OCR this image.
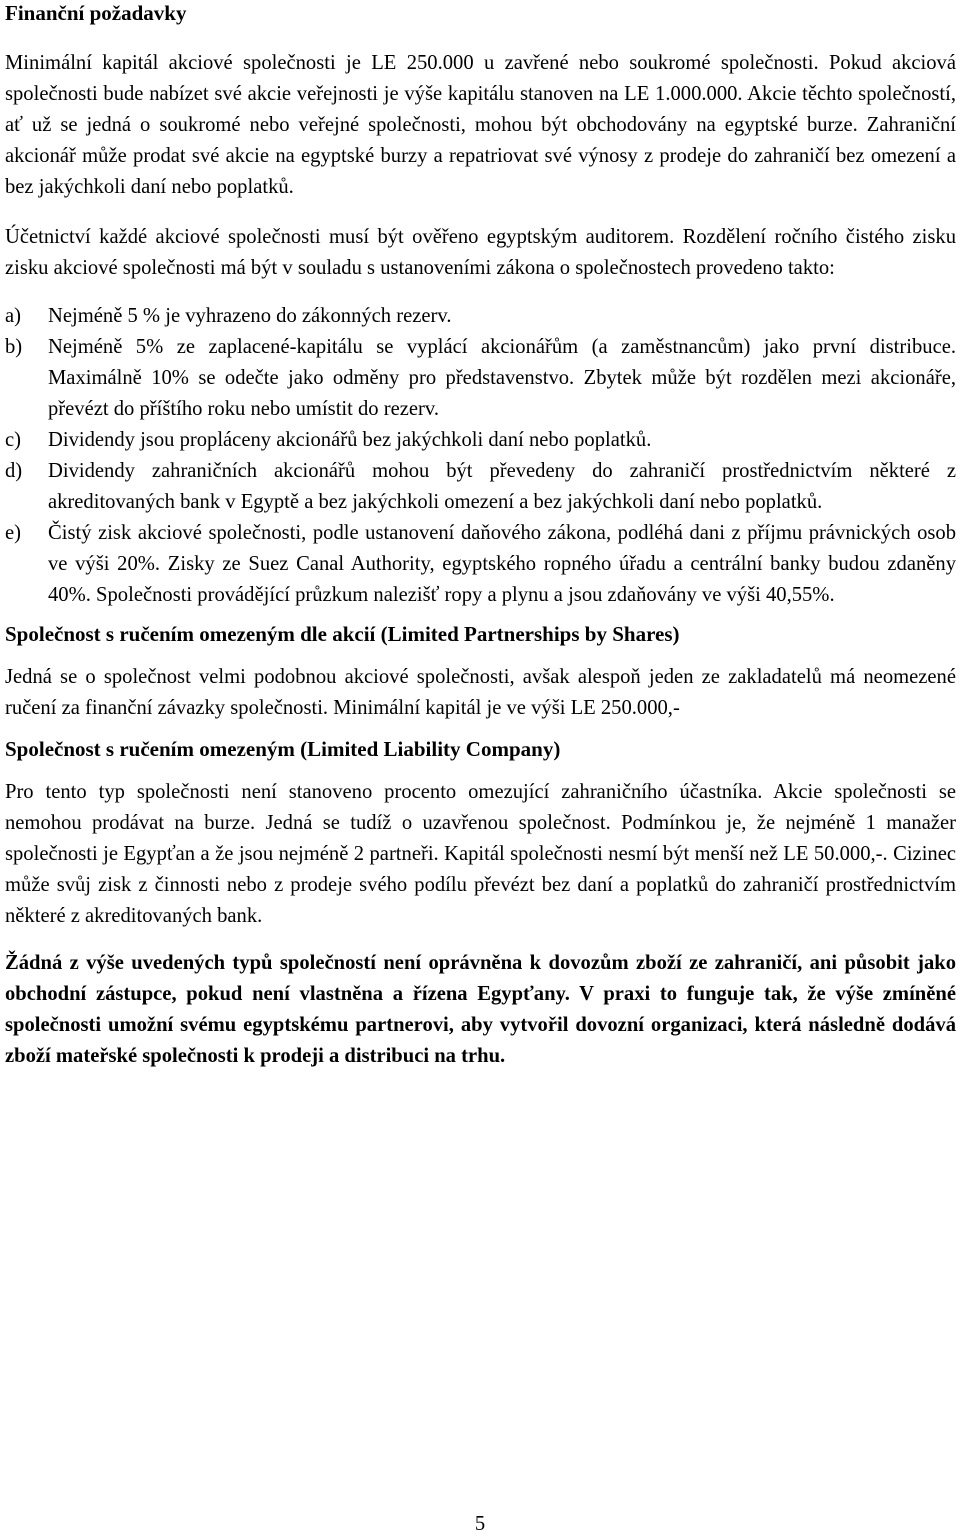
Finanční požadavky

Minimální kapitál akciové společnosti je LE 250.000 u zavřené nebo soukromé společnosti. Pokud akciová společnosti bude nabízet své akcie veřejnosti je výše kapitálu stanoven na LE 1.000.000. Akcie těchto společností, ať už se jedná o soukromé nebo veřejné společnosti, mohou být obchodovány na egyptské burze. Zahraniční akcionář může prodat své akcie na egyptské burzy a repatriovat své výnosy z prodeje do zahraničí bez omezení a bez jakýchkoli daní nebo poplatků.

Účetnictví každé akciové společnosti musí být ověřeno egyptským auditorem. Rozdělení ročního čistého zisku zisku akciové společnosti má být v souladu s ustanoveními zákona o společnostech provedeno takto:

a)	Nejméně 5 % je vyhrazeno do zákonných rezerv.
b)	Nejméně 5% ze zaplacené-kapitálu se vyplácí akcionářům (a zaměstnancům) jako první distribuce. Maximálně 10% se odečte jako odměny pro představenstvo. Zbytek může být rozdělen mezi akcionáře, převézt do příštího roku nebo umístit do rezerv.
c)	Dividendy jsou propláceny akcionářů bez jakýchkoli daní nebo poplatků.
d)	Dividendy zahraničních akcionářů mohou být převedeny do zahraničí prostřednictvím některé z akreditovaných bank v Egyptě a bez jakýchkoli omezení a bez jakýchkoli daní nebo poplatků.
e)	Čistý zisk akciové společnosti, podle ustanovení daňového zákona, podléhá dani z příjmu právnických osob ve výši 20%. Zisky ze Suez Canal Authority, egyptského ropného úřadu a centrální banky budou zdaněny 40%. Společnosti provádějící průzkum nalezišť ropy a plynu a jsou zdaňovány ve výši 40,55%.
Společnost s ručením omezeným dle akcií (Limited Partnerships by Shares)

Jedná se o společnost velmi podobnou akciové společnosti, avšak alespoň jeden ze zakladatelů má neomezené ručení za finanční závazky společnosti. Minimální kapitál je ve výši LE 250.000,-

Společnost s ručením omezeným (Limited Liability Company)

Pro tento typ společnosti není stanoveno procento omezující zahraničního účastníka. Akcie společnosti se nemohou prodávat na burze. Jedná se tudíž o uzavřenou společnost. Podmínkou je, že nejméně 1 manažer společnosti je Egypťan a že jsou nejméně 2 partneři. Kapitál společnosti nesmí být menší než LE 50.000,-. Cizinec může svůj zisk z činnosti nebo z prodeje svého podílu převézt bez daní a poplatků do zahraničí prostřednictvím některé z akreditovaných bank.

Žádná z výše uvedených typů společností není oprávněna k dovozům zboží ze zahraničí, ani působit jako obchodní zástupce, pokud není vlastněna a řízena Egypťany. V praxi to funguje tak, že výše zmíněné společnosti umožní svému egyptskému partnerovi, aby vytvořil dovozní organizaci, která následně dodává zboží mateřské společnosti k prodeji a distribuci na trhu.

5
